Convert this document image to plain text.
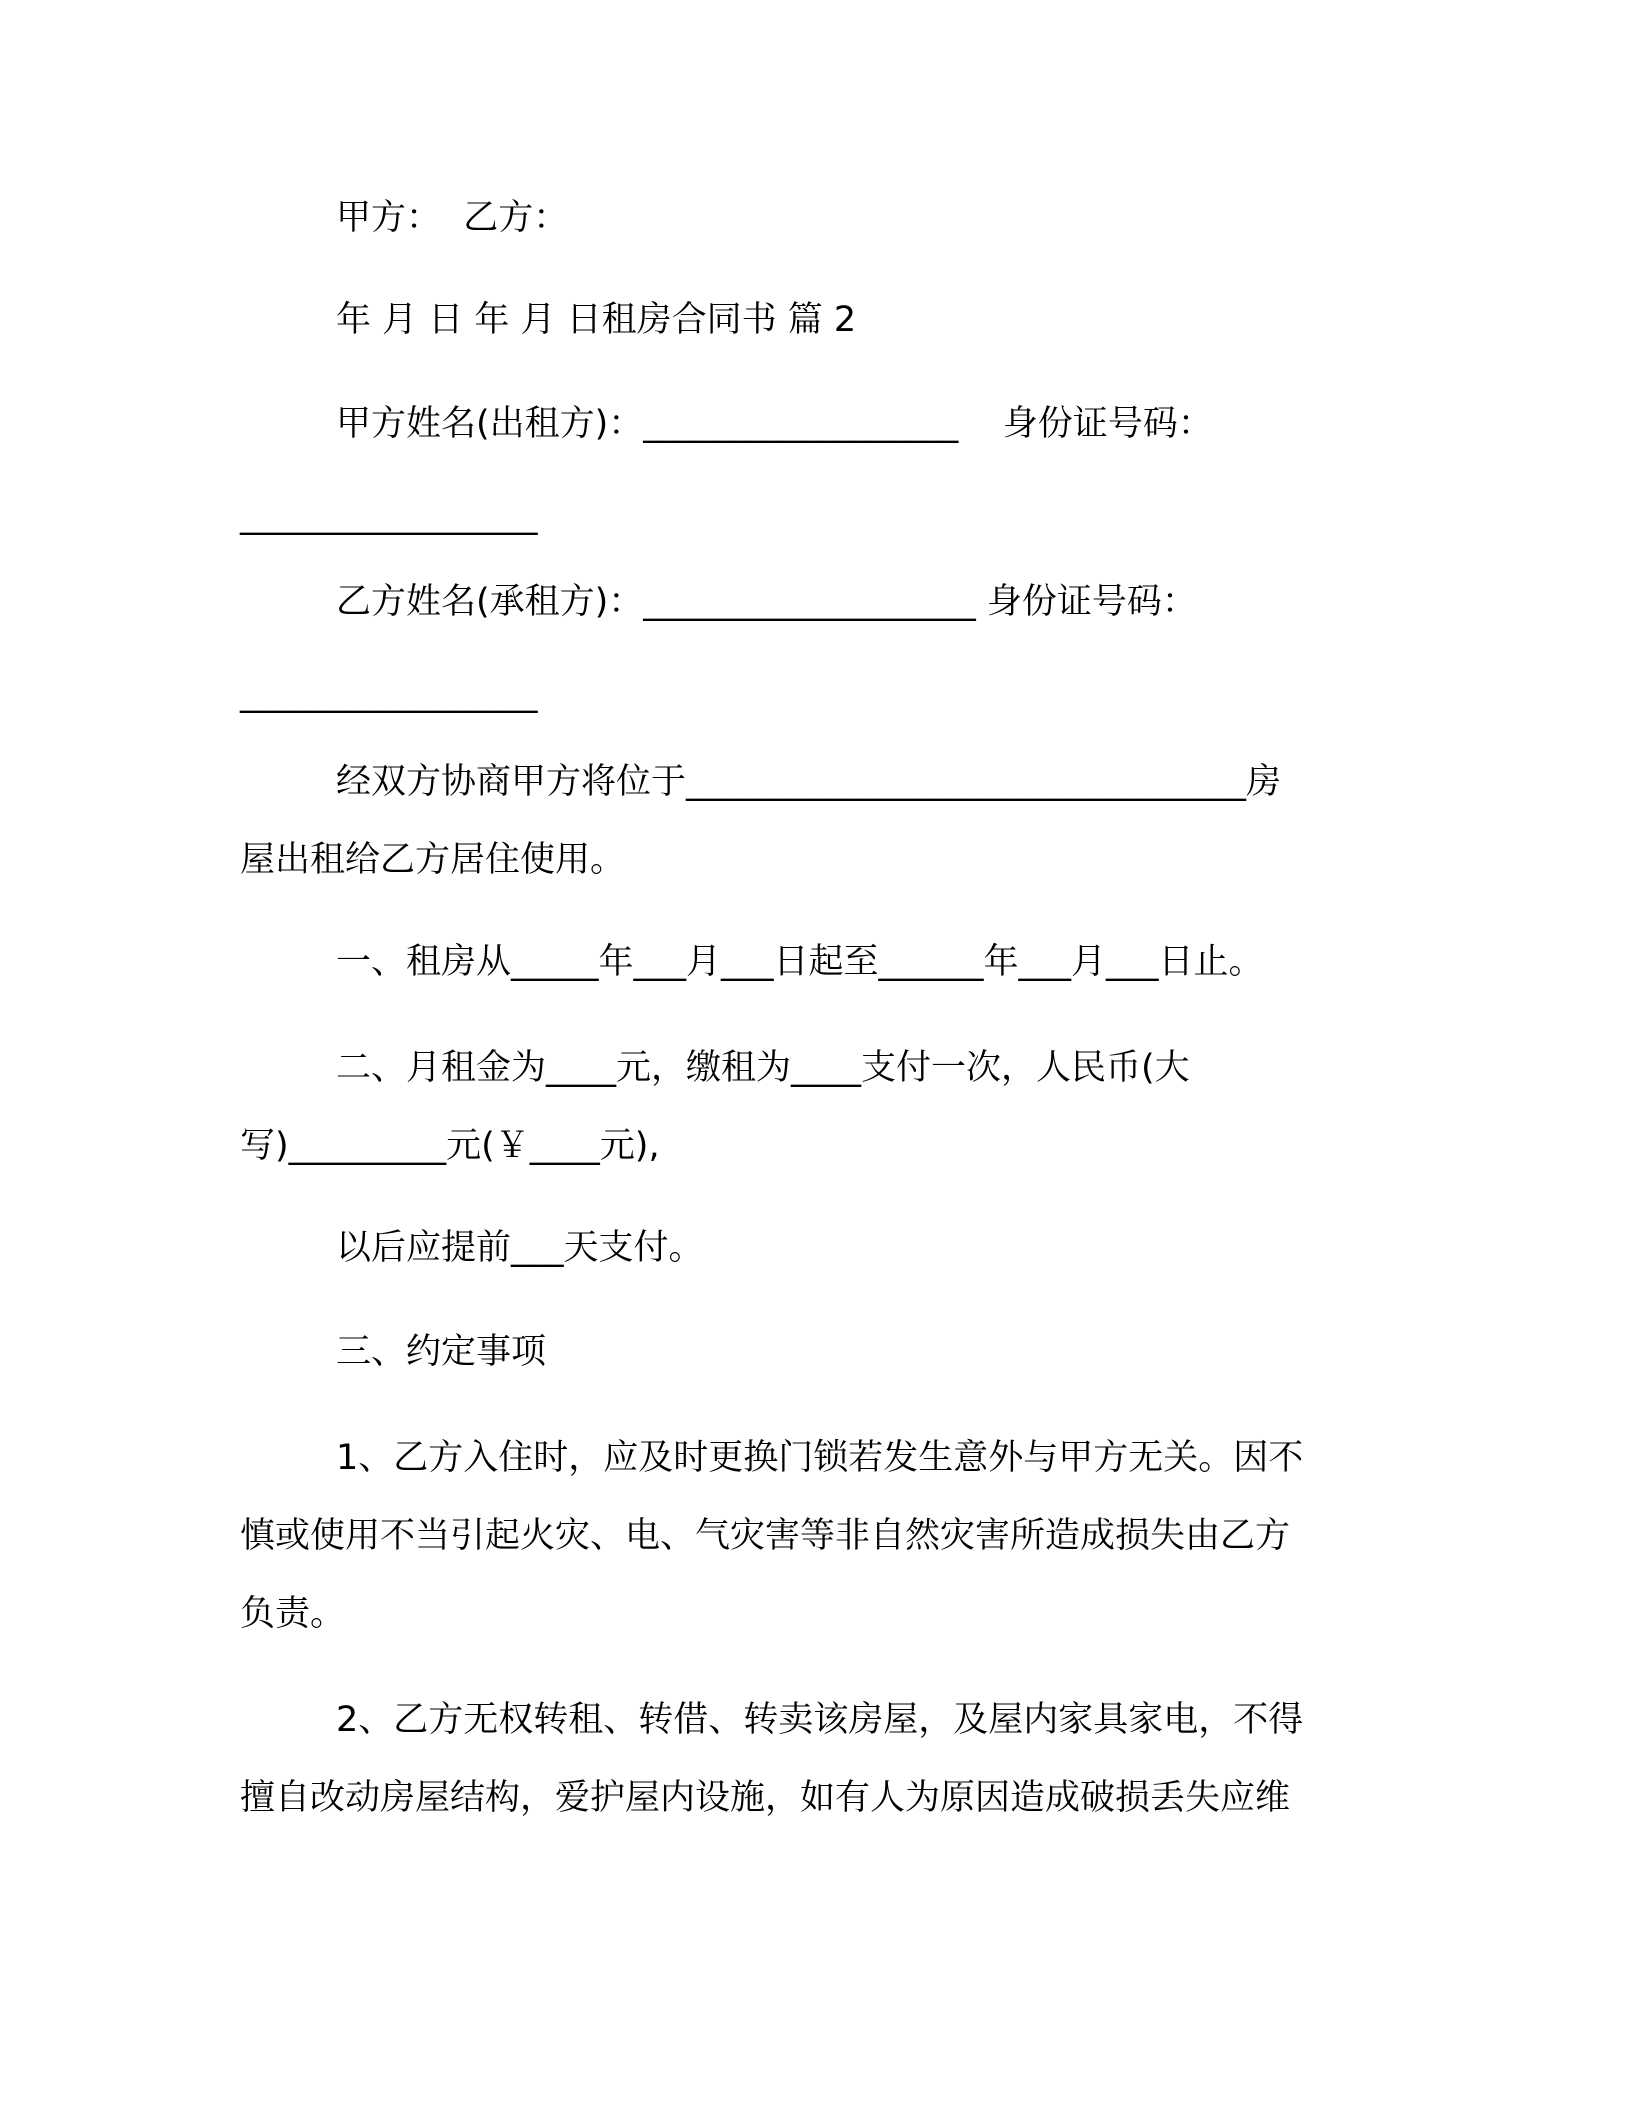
甲方：  乙方：
年 月 日 年 月 日租房合同书 篇 2
甲方姓名(出租方)：__________________    身份证号码：
_________________
乙方姓名(承租方)：___________________ 身份证号码：
_________________
经双方协商甲方将位于________________________________房
屋出租给乙方居住使用。
一、租房从_____年___月___日起至______年___月___日止。
二、月租金为____元，缴租为____支付一次，人民币(大
写)_________元(￥____元),
以后应提前___天支付。
三、约定事项
1、乙方入住时，应及时更换门锁若发生意外与甲方无关。因不
慎或使用不当引起火灾、电、气灾害等非自然灾害所造成损失由乙方
负责。
2、乙方无权转租、转借、转卖该房屋，及屋内家具家电，不得
擅自改动房屋结构，爱护屋内设施，如有人为原因造成破损丢失应维
